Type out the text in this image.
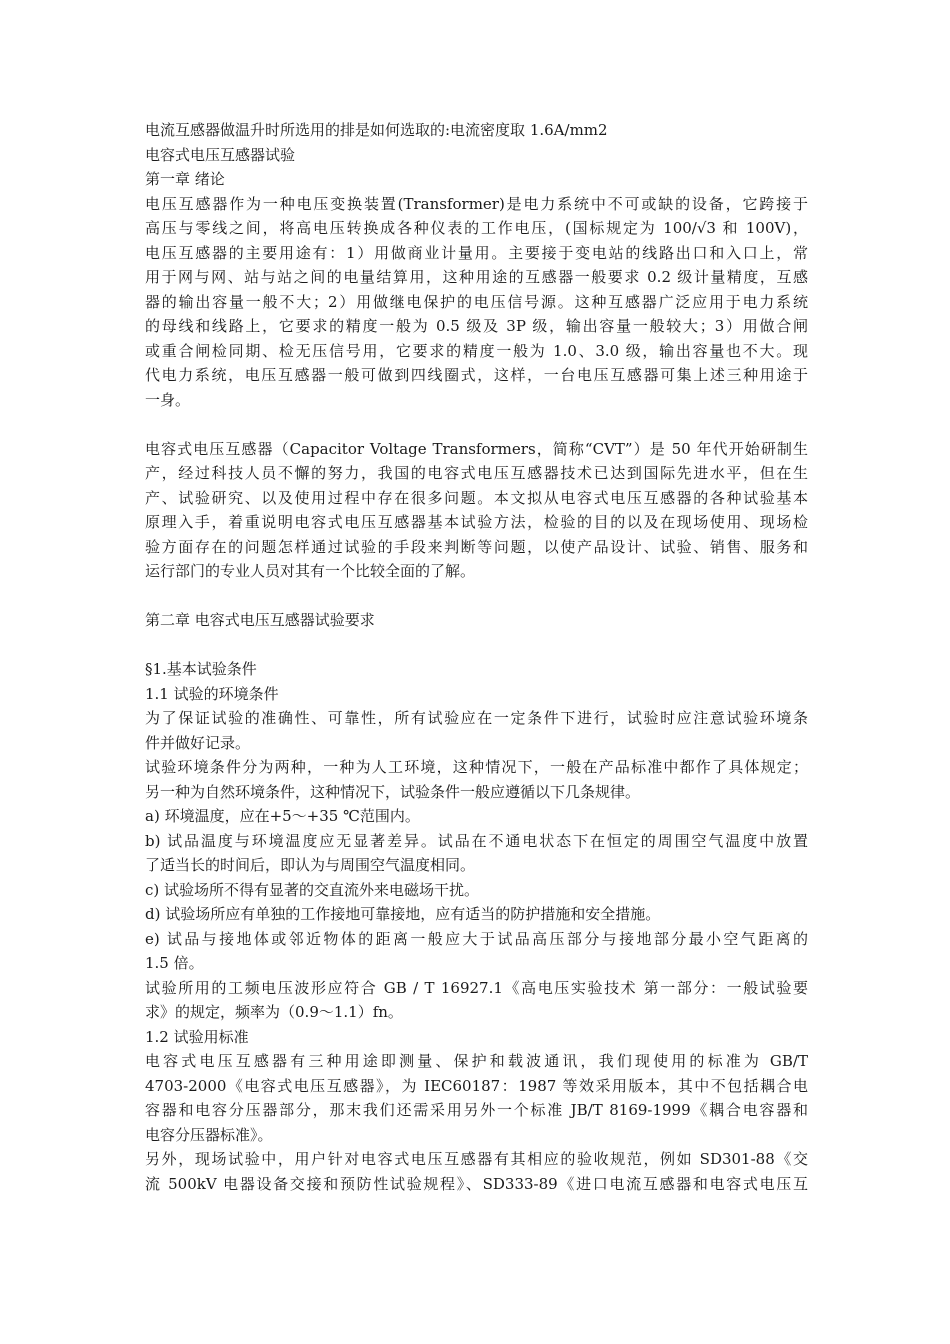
电流互感器做温升时所选用的排是如何选取的:电流密度取 1.6A/mm2
电容式电压互感器试验
第一章 绪论
电压互感器作为一种电压变换装置(Transformer)是电力系统中不可或缺的设备，它跨接于
高压与零线之间，将高电压转换成各种仪表的工作电压，(国标规定为 100/√3 和 100V)，
电压互感器的主要用途有：1）用做商业计量用。主要接于变电站的线路出口和入口上，常
用于网与网、站与站之间的电量结算用，这种用途的互感器一般要求 0.2 级计量精度，互感
器的输出容量一般不大；2）用做继电保护的电压信号源。这种互感器广泛应用于电力系统
的母线和线路上，它要求的精度一般为 0.5 级及 3P 级，输出容量一般较大；3）用做合闸
或重合闸检同期、检无压信号用，它要求的精度一般为 1.0、3.0 级，输出容量也不大。现
代电力系统，电压互感器一般可做到四线圈式，这样，一台电压互感器可集上述三种用途于
一身。
电容式电压互感器（Capacitor Voltage Transformers，简称“CVT”）是 50 年代开始研制生
产，经过科技人员不懈的努力，我国的电容式电压互感器技术已达到国际先进水平，但在生
产、试验研究、以及使用过程中存在很多问题。本文拟从电容式电压互感器的各种试验基本
原理入手，着重说明电容式电压互感器基本试验方法，检验的目的以及在现场使用、现场检
验方面存在的问题怎样通过试验的手段来判断等问题，以使产品设计、试验、销售、服务和
运行部门的专业人员对其有一个比较全面的了解。
第二章 电容式电压互感器试验要求
§1.基本试验条件
1.1 试验的环境条件
为了保证试验的准确性、可靠性，所有试验应在一定条件下进行，试验时应注意试验环境条
件并做好记录。
试验环境条件分为两种，一种为人工环境，这种情况下，一般在产品标准中都作了具体规定；
另一种为自然环境条件，这种情况下，试验条件一般应遵循以下几条规律。
a) 环境温度，应在+5～+35 ℃范围内。
b) 试品温度与环境温度应无显著差异。试品在不通电状态下在恒定的周围空气温度中放置
了适当长的时间后，即认为与周围空气温度相同。
c) 试验场所不得有显著的交直流外来电磁场干扰。
d) 试验场所应有单独的工作接地可靠接地，应有适当的防护措施和安全措施。
e) 试品与接地体或邻近物体的距离一般应大于试品高压部分与接地部分最小空气距离的
1.5 倍。
试验所用的工频电压波形应符合 GB / T 16927.1《高电压实验技术 第一部分：一般试验要
求》的规定，频率为（0.9～1.1）fn。
1.2 试验用标准
电容式电压互感器有三种用途即测量、保护和载波通讯，我们现使用的标准为 GB/T
4703-2000《电容式电压互感器》，为 IEC60187：1987 等效采用版本，其中不包括耦合电
容器和电容分压器部分，那末我们还需采用另外一个标准 JB/T 8169-1999《耦合电容器和
电容分压器标准》。
另外，现场试验中，用户针对电容式电压互感器有其相应的验收规范，例如 SD301-88《交
流 500kV 电器设备交接和预防性试验规程》、SD333-89《进口电流互感器和电容式电压互
